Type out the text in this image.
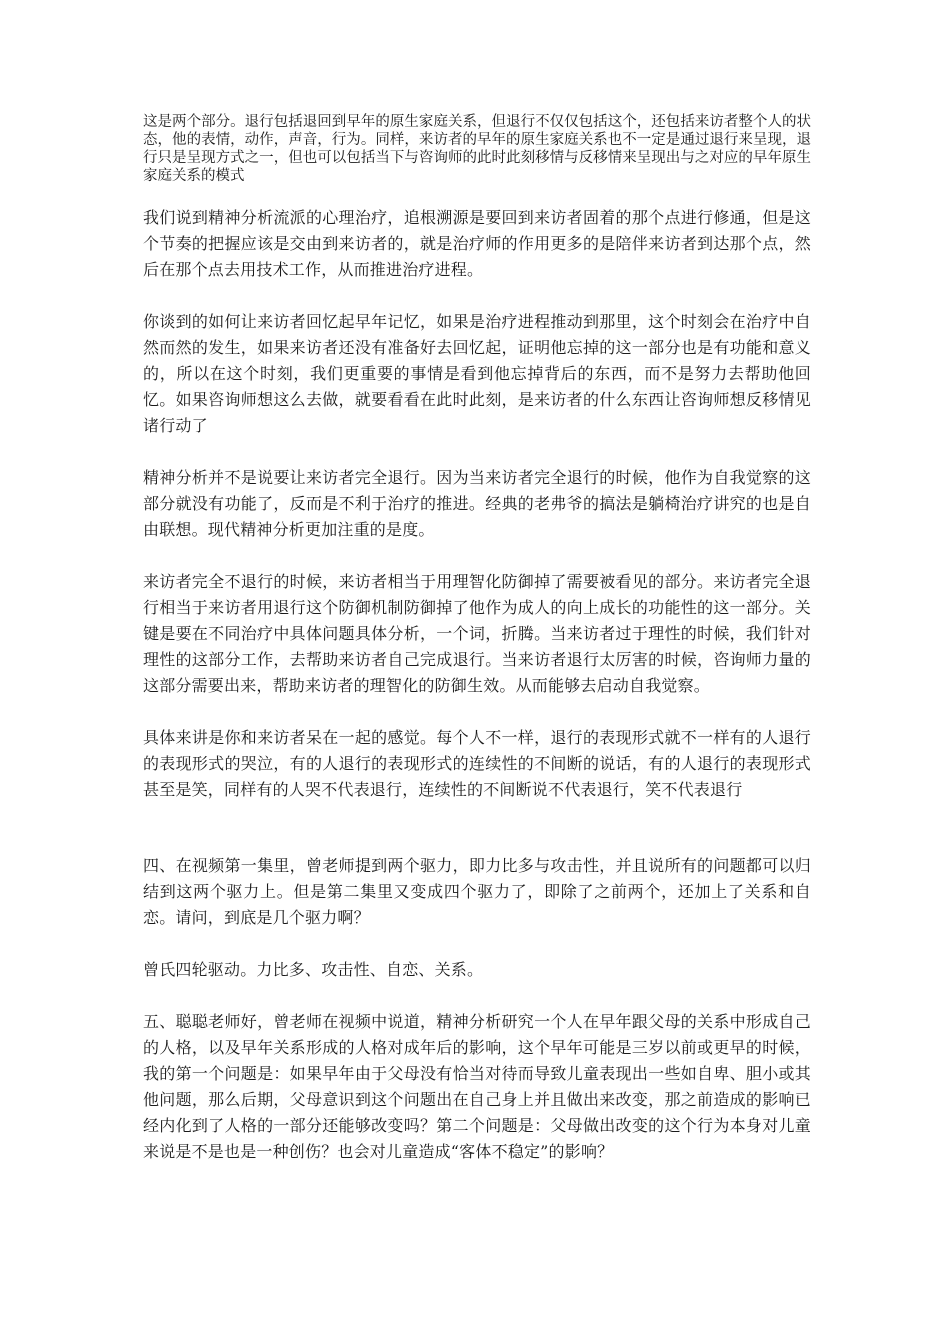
这是两个部分。退行包括退回到早年的原生家庭关系，但退行不仅仅包括这个，还包括来访者整个人的状态，他的表情，动作，声音，行为。同样，来访者的早年的原生家庭关系也不一定是通过退行来呈现，退行只是呈现方式之一，但也可以包括当下与咨询师的此时此刻移情与反移情来呈现出与之对应的早年原生家庭关系的模式

我们说到精神分析流派的心理治疗，追根溯源是要回到来访者固着的那个点进行修通，但是这个节奏的把握应该是交由到来访者的，就是治疗师的作用更多的是陪伴来访者到达那个点，然后在那个点去用技术工作，从而推进治疗进程。

你谈到的如何让来访者回忆起早年记忆，如果是治疗进程推动到那里，这个时刻会在治疗中自然而然的发生，如果来访者还没有准备好去回忆起，证明他忘掉的这一部分也是有功能和意义的，所以在这个时刻，我们更重要的事情是看到他忘掉背后的东西，而不是努力去帮助他回忆。如果咨询师想这么去做，就要看看在此时此刻，是来访者的什么东西让咨询师想反移情见诸行动了

精神分析并不是说要让来访者完全退行。因为当来访者完全退行的时候，他作为自我觉察的这部分就没有功能了，反而是不利于治疗的推进。经典的老弗爷的搞法是躺椅治疗讲究的也是自由联想。现代精神分析更加注重的是度。

来访者完全不退行的时候，来访者相当于用理智化防御掉了需要被看见的部分。来访者完全退行相当于来访者用退行这个防御机制防御掉了他作为成人的向上成长的功能性的这一部分。关键是要在不同治疗中具体问题具体分析，一个词，折腾。当来访者过于理性的时候，我们针对理性的这部分工作，去帮助来访者自己完成退行。当来访者退行太厉害的时候，咨询师力量的这部分需要出来，帮助来访者的理智化的防御生效。从而能够去启动自我觉察。

具体来讲是你和来访者呆在一起的感觉。每个人不一样，退行的表现形式就不一样有的人退行的表现形式的哭泣，有的人退行的表现形式的连续性的不间断的说话，有的人退行的表现形式甚至是笑，同样有的人哭不代表退行，连续性的不间断说不代表退行，笑不代表退行

四、在视频第一集里，曾老师提到两个驱力，即力比多与攻击性，并且说所有的问题都可以归结到这两个驱力上。但是第二集里又变成四个驱力了，即除了之前两个，还加上了关系和自恋。请问，到底是几个驱力啊？

曾氏四轮驱动。力比多、攻击性、自恋、关系。

五、聪聪老师好，曾老师在视频中说道，精神分析研究一个人在早年跟父母的关系中形成自己的人格，以及早年关系形成的人格对成年后的影响，这个早年可能是三岁以前或更早的时候，我的第一个问题是：如果早年由于父母没有恰当对待而导致儿童表现出一些如自卑、胆小或其他问题，那么后期，父母意识到这个问题出在自己身上并且做出来改变，那之前造成的影响已经内化到了人格的一部分还能够改变吗？第二个问题是：父母做出改变的这个行为本身对儿童来说是不是也是一种创伤？也会对儿童造成“客体不稳定”的影响？
